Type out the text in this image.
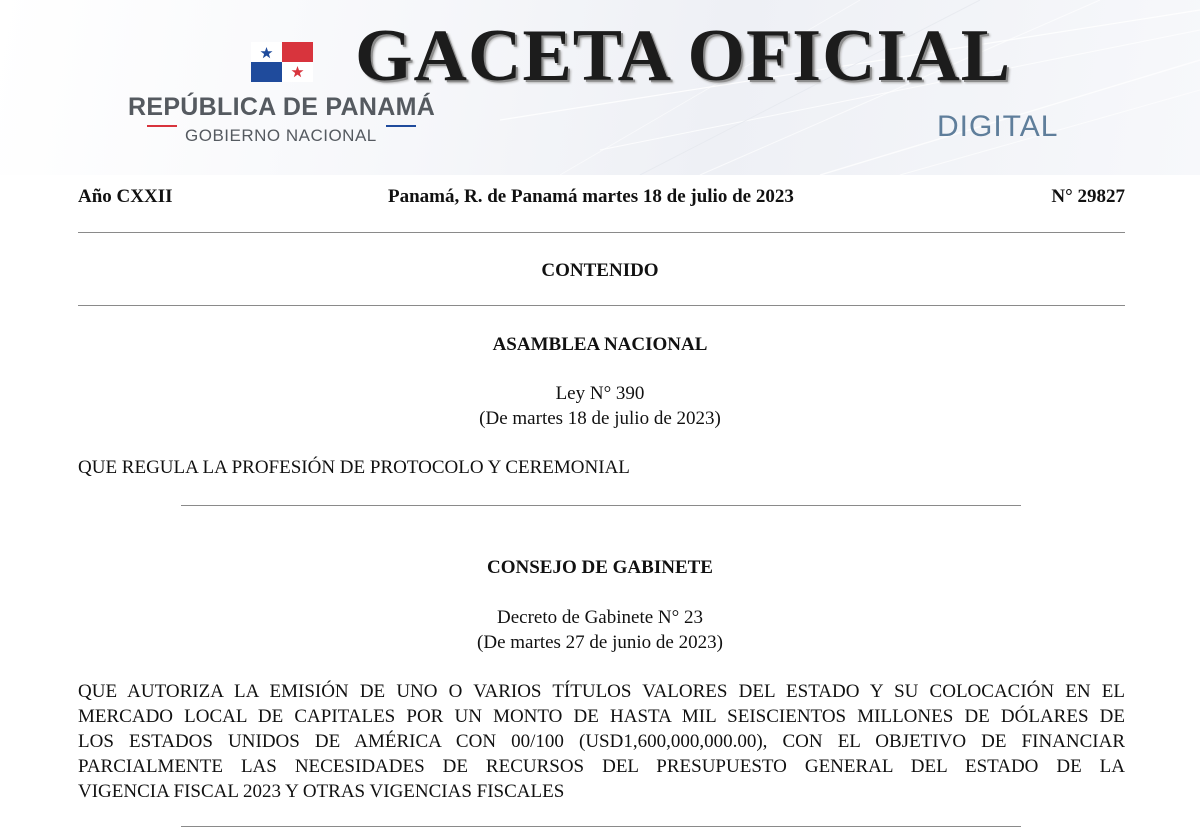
GACETA OFICIAL
REPÚBLICA DE PANAMÁ
GOBIERNO NACIONAL	DIGITAL
Año CXXII	Panamá, R. de Panamá martes 18 de julio de 2023	N° 29827
CONTENIDO
ASAMBLEA NACIONAL
Ley N° 390
(De martes 18 de julio de 2023)
QUE REGULA LA PROFESIÓN DE PROTOCOLO Y CEREMONIAL
CONSEJO DE GABINETE
Decreto de Gabinete N° 23
(De martes 27 de junio de 2023)
QUE AUTORIZA LA EMISIÓN DE UNO O VARIOS TÍTULOS VALORES DEL ESTADO Y SU COLOCACIÓN EN EL
MERCADO LOCAL DE CAPITALES POR UN MONTO DE HASTA MIL SEISCIENTOS MILLONES DE DÓLARES DE
LOS ESTADOS UNIDOS DE AMÉRICA CON 00/100 (USD1,600,000,000.00), CON EL OBJETIVO DE FINANCIAR
PARCIALMENTE LAS NECESIDADES DE RECURSOS DEL PRESUPUESTO GENERAL DEL ESTADO DE LA
VIGENCIA FISCAL 2023 Y OTRAS VIGENCIAS FISCALES
